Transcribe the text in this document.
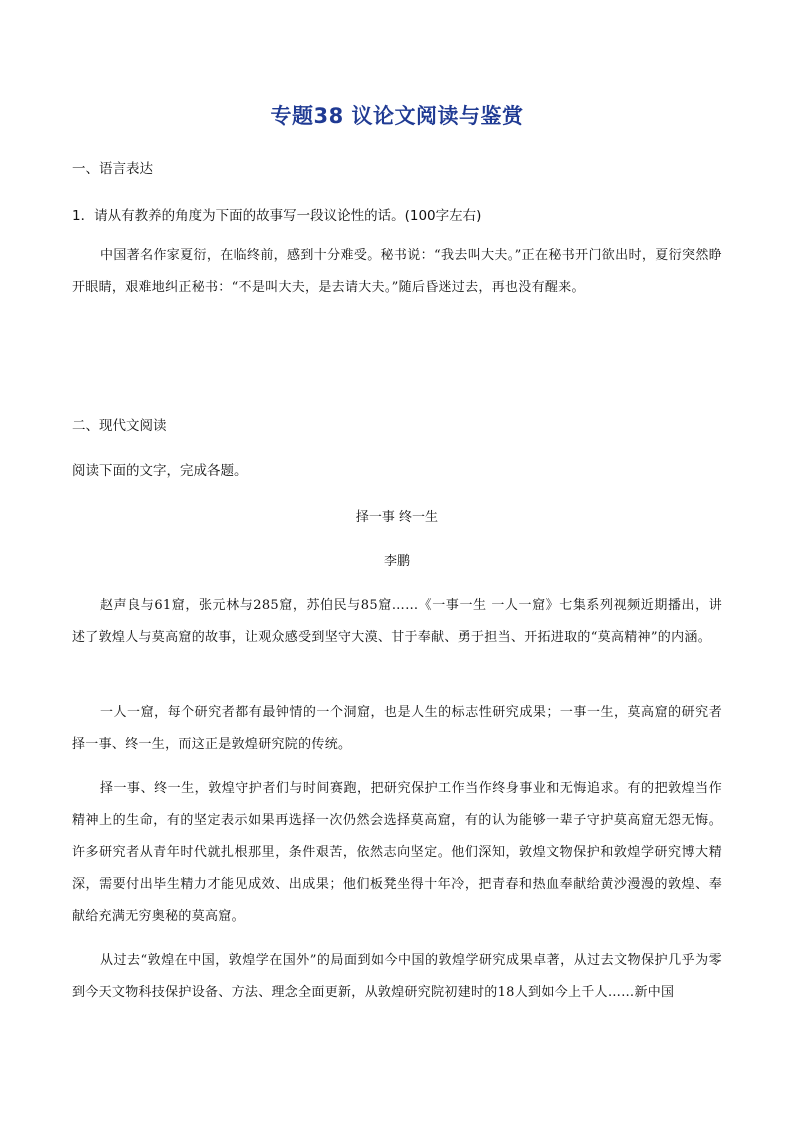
专题38 议论文阅读与鉴赏
一、语言表达
1．请从有教养的角度为下面的故事写一段议论性的话。(100字左右)
中国著名作家夏衍，在临终前，感到十分难受。秘书说：“我去叫大夫。”正在秘书开门欲出时，夏衍突然睁开眼睛，艰难地纠正秘书：“不是叫大夫，是去请大夫。”随后昏迷过去，再也没有醒来。
二、现代文阅读
阅读下面的文字，完成各题。
择一事 终一生
李鹏
赵声良与61窟，张元林与285窟，苏伯民与85窟……《一事一生 一人一窟》七集系列视频近期播出，讲述了敦煌人与莫高窟的故事，让观众感受到坚守大漠、甘于奉献、勇于担当、开拓进取的“莫高精神”的内涵。
一人一窟，每个研究者都有最钟情的一个洞窟，也是人生的标志性研究成果；一事一生，莫高窟的研究者择一事、终一生，而这正是敦煌研究院的传统。
择一事、终一生，敦煌守护者们与时间赛跑，把研究保护工作当作终身事业和无悔追求。有的把敦煌当作精神上的生命，有的坚定表示如果再选择一次仍然会选择莫高窟，有的认为能够一辈子守护莫高窟无怨无悔。许多研究者从青年时代就扎根那里，条件艰苦，依然志向坚定。他们深知，敦煌文物保护和敦煌学研究博大精深，需要付出毕生精力才能见成效、出成果；他们板凳坐得十年冷，把青春和热血奉献给黄沙漫漫的敦煌、奉献给充满无穷奥秘的莫高窟。
从过去“敦煌在中国，敦煌学在国外”的局面到如今中国的敦煌学研究成果卓著，从过去文物保护几乎为零到今天文物科技保护设备、方法、理念全面更新，从敦煌研究院初建时的18人到如今上千人……新中国
